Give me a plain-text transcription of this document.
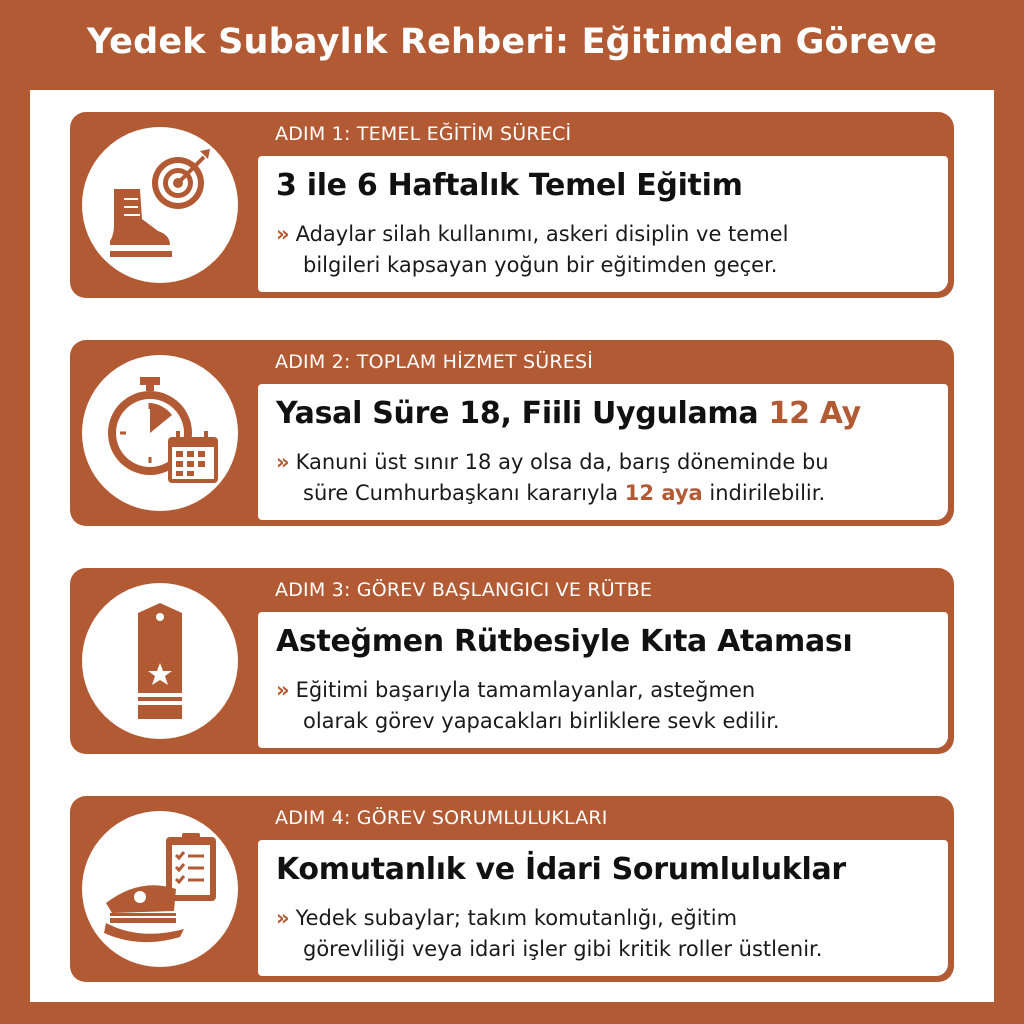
Yedek Subaylık Rehberi: Eğitimden Göreve
ADIM 1: TEMEL EĞİTİM SÜRECİ
3 ile 6 Haftalık Temel Eğitim
» Adaylar silah kullanımı, askeri disiplin ve temel
bilgileri kapsayan yoğun bir eğitimden geçer.
ADIM 2: TOPLAM HİZMET SÜRESİ
Yasal Süre 18, Fiili Uygulama 12 Ay
» Kanuni üst sınır 18 ay olsa da, barış döneminde bu
süre Cumhurbaşkanı kararıyla 12 aya indirilebilir.
ADIM 3: GÖREV BAŞLANGICI VE RÜTBE
Asteğmen Rütbesiyle Kıta Ataması
» Eğitimi başarıyla tamamlayanlar, asteğmen
olarak görev yapacakları birliklere sevk edilir.
ADIM 4: GÖREV SORUMLULUKLARI
Komutanlık ve İdari Sorumluluklar
» Yedek subaylar; takım komutanlığı, eğitim
görevliliği veya idari işler gibi kritik roller üstlenir.
